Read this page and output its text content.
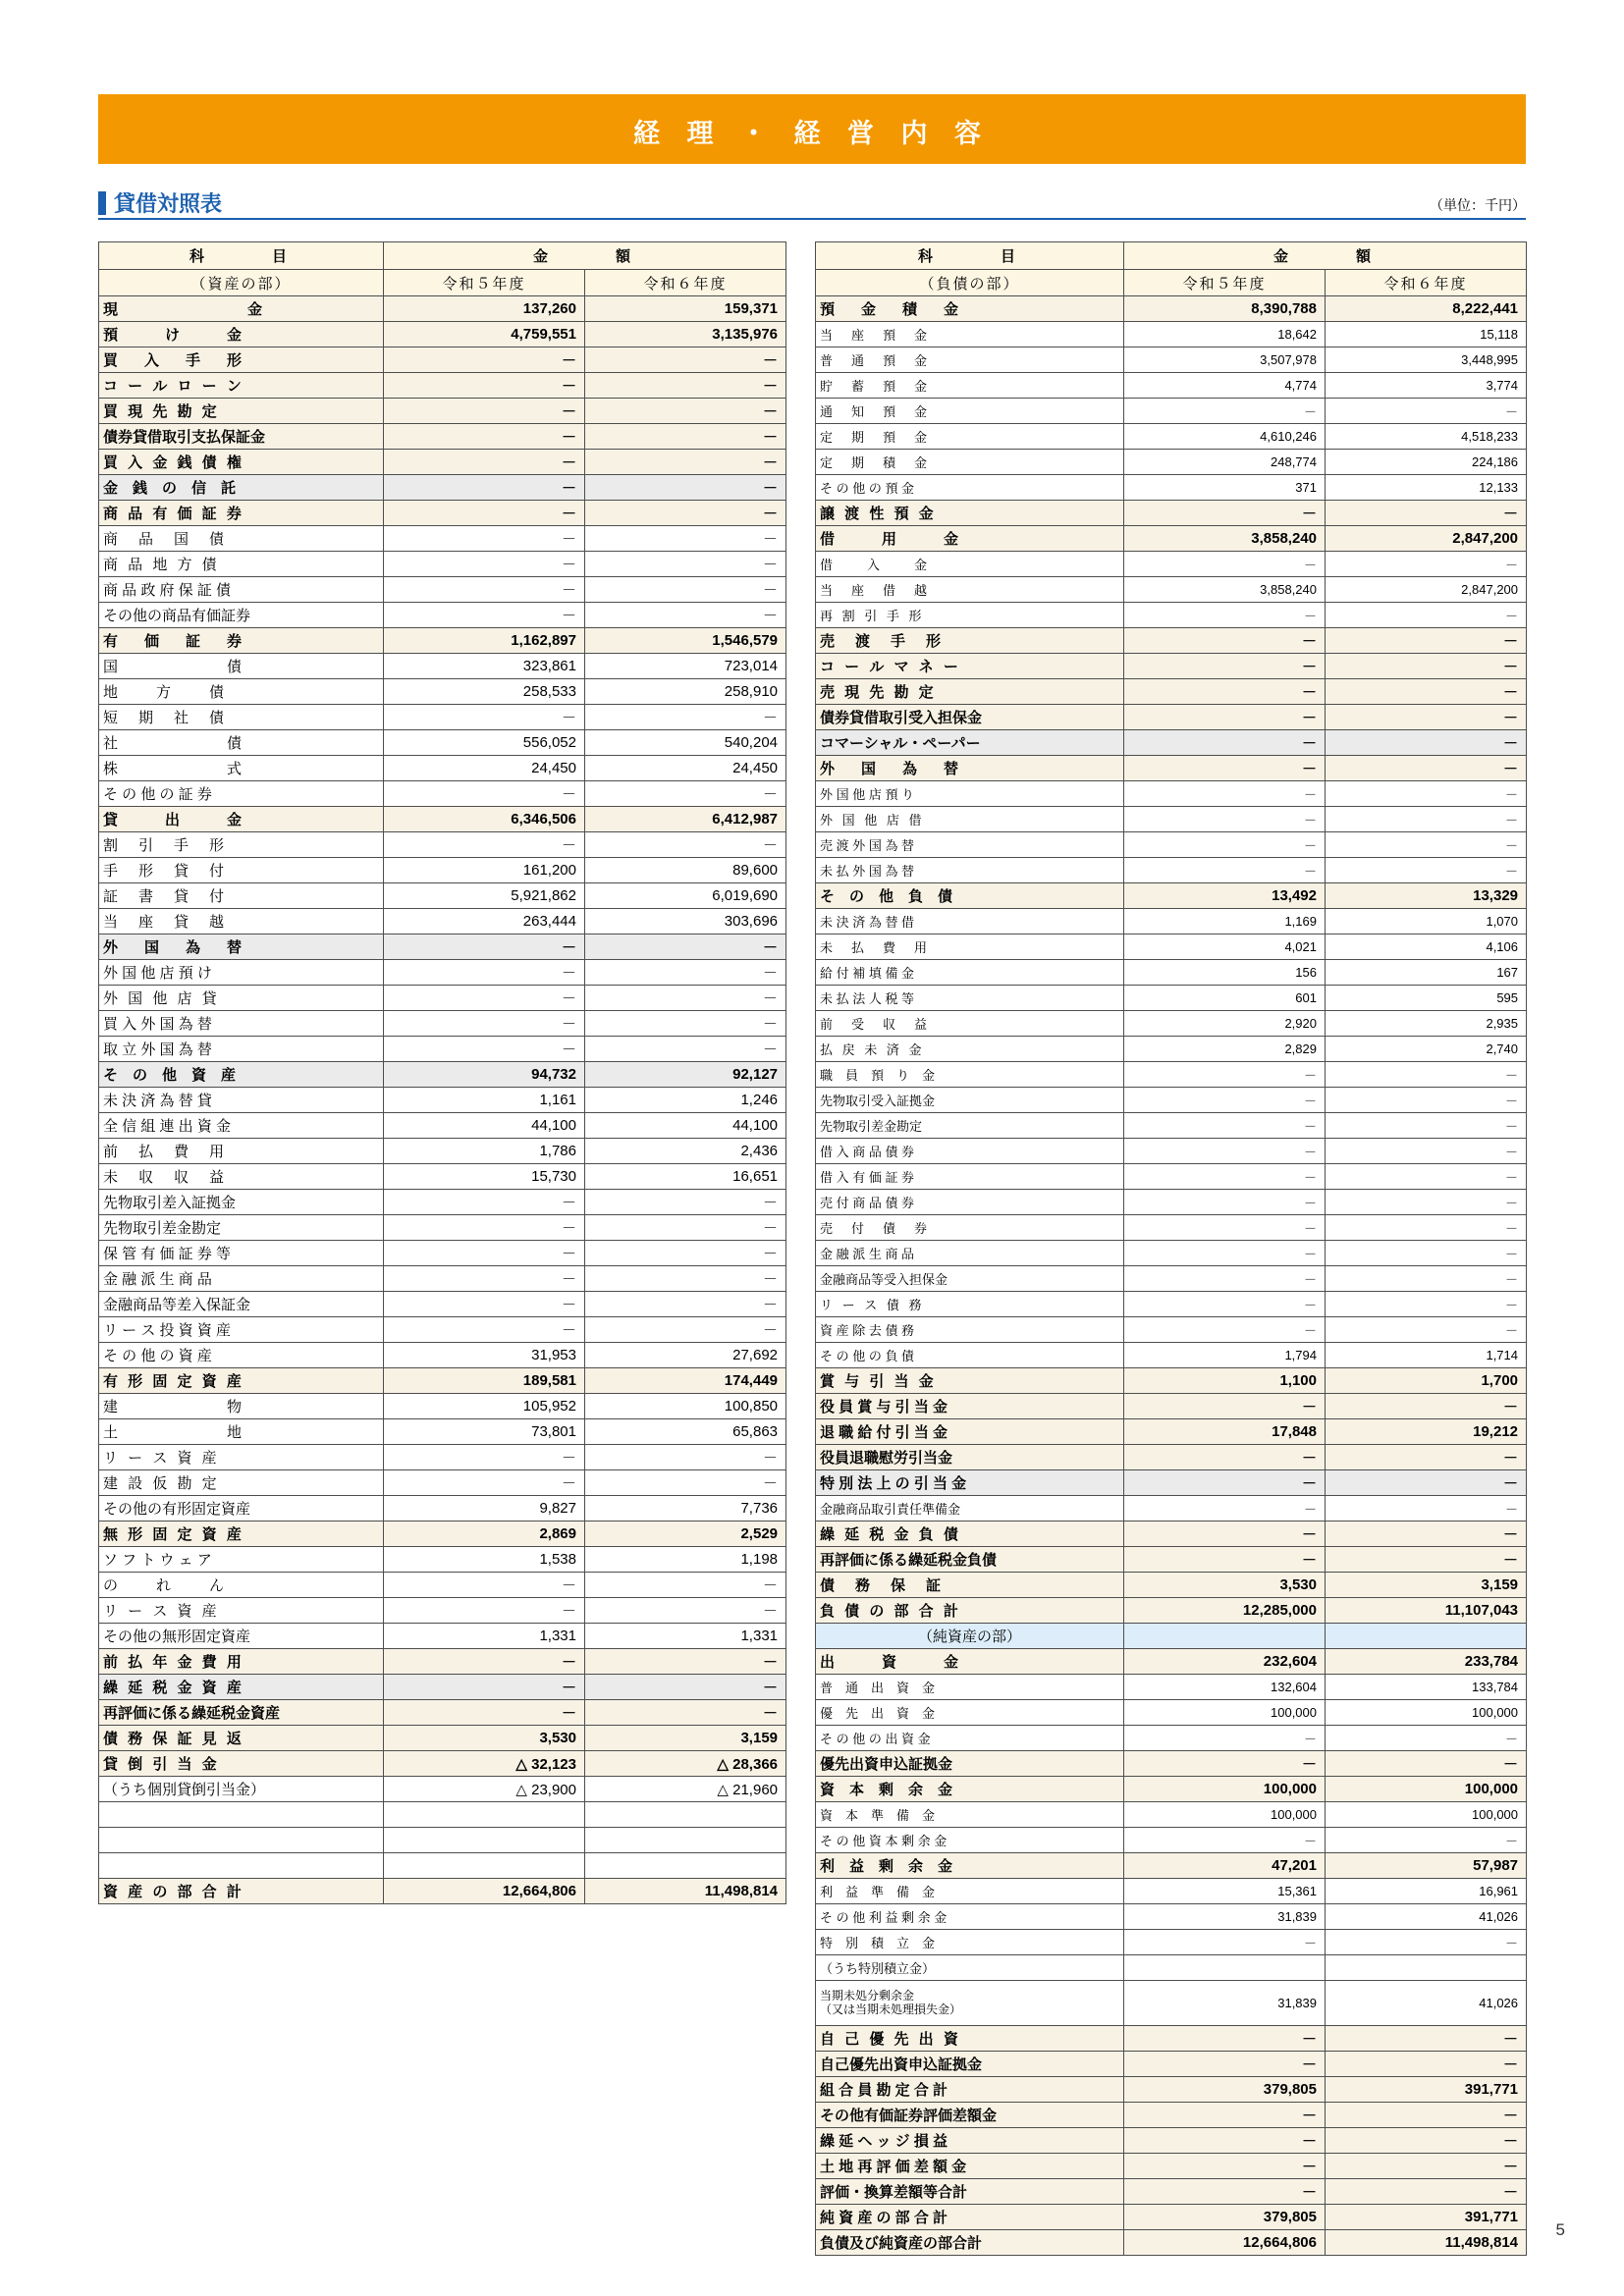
経 理 ・ 経 営 内 容
貸借対照表	（単位：千円）
科　　　目	金　　　額	
（資産の部）	令和５年度	令和６年度
現　　　　　　金	137,260	159,371
預　　け　　金	4,759,551	3,135,976
買　入　手　形	－	－
コ ー ル ロ ー ン	－	－
買 現 先 勘 定	－	－
債券貸借取引支払保証金	－	－
買 入 金 銭 債 権	－	－
金　銭　の　信　託	－	－
商 品 有 価 証 券	－	－
商　品　国　債	－	－
商 品 地 方 債	－	－
商 品 政 府 保 証 債	－	－
その他の商品有価証券	－	－
有　価　証　券	1,162,897	1,546,579
国　　　　　　債	323,861	723,014
地　　方　　債	258,533	258,910
短　期　社　債	－	－
社　　　　　　債	556,052	540,204
株　　　　　　式	24,450	24,450
そ の 他 の 証 券	－	－
貸　　出　　金	6,346,506	6,412,987
割　引　手　形	－	－
手　形　貸　付	161,200	89,600
証　書　貸　付	5,921,862	6,019,690
当　座　貸　越	263,444	303,696
外　国　為　替	－	－
外 国 他 店 預 け	－	－
外 国 他 店 貸	－	－
買 入 外 国 為 替	－	－
取 立 外 国 為 替	－	－
そ　の　他　資　産	94,732	92,127
未 決 済 為 替 貸	1,161	1,246
全 信 組 連 出 資 金	44,100	44,100
前　払　費　用	1,786	2,436
未　収　収　益	15,730	16,651
先物取引差入証拠金	－	－
先物取引差金勘定	－	－
保 管 有 価 証 券 等	－	－
金 融 派 生 商 品	－	－
金融商品等差入保証金	－	－
リ ー ス 投 資 資 産	－	－
そ の 他 の 資 産	31,953	27,692
有 形 固 定 資 産	189,581	174,449
建　　　　　　物	105,952	100,850
土　　　　　　地	73,801	65,863
リ ー ス 資 産	－	－
建 設 仮 勘 定	－	－
その他の有形固定資産	9,827	7,736
無 形 固 定 資 産	2,869	2,529
ソ フ ト ウ ェ ア	1,538	1,198
の　　れ　　ん	－	－
リ ー ス 資 産	－	－
その他の無形固定資産	1,331	1,331
前 払 年 金 費 用	－	－
繰 延 税 金 資 産	－	－
再評価に係る繰延税金資産	－	－
債 務 保 証 見 返	3,530	3,159
貸 倒 引 当 金	△ 32,123	△ 28,366
（うち個別貸倒引当金）	△ 23,900	△ 21,960

資 産 の 部 合 計	12,664,806	11,498,814
科　　　目	金　　　額	
（負債の部）	令和５年度	令和６年度
預　金　積　金	8,390,788	8,222,441
当　座　預　金	18,642	15,118
普　通　預　金	3,507,978	3,448,995
貯　蓄　預　金	4,774	3,774
通　知　預　金	－	－
定　期　預　金	4,610,246	4,518,233
定　期　積　金	248,774	224,186
そ の 他 の 預 金	371	12,133
譲 渡 性 預 金	－	－
借　　用　　金	3,858,240	2,847,200
借　　入　　金	－	－
当　座　借　越	3,858,240	2,847,200
再 割 引 手 形	－	－
売　渡　手　形	－	－
コ ー ル マ ネ ー	－	－
売 現 先 勘 定	－	－
債券貸借取引受入担保金	－	－
コマーシャル・ペーパー	－	－
外　国　為　替	－	－
外 国 他 店 預 り	－	－
外 国 他 店 借	－	－
売 渡 外 国 為 替	－	－
未 払 外 国 為 替	－	－
そ　の　他　負　債	13,492	13,329
未 決 済 為 替 借	1,169	1,070
未　払　費　用	4,021	4,106
給 付 補 填 備 金	156	167
未 払 法 人 税 等	601	595
前　受　収　益	2,920	2,935
払 戻 未 済 金	2,829	2,740
職　員　預　り　金	－	－
先物取引受入証拠金	－	－
先物取引差金勘定	－	－
借 入 商 品 債 券	－	－
借 入 有 価 証 券	－	－
売 付 商 品 債 券	－	－
売　付　債　券	－	－
金 融 派 生 商 品	－	－
金融商品等受入担保金	－	－
リ ー ス 債 務	－	－
資 産 除 去 債 務	－	－
そ の 他 の 負 債	1,794	1,714
賞 与 引 当 金	1,100	1,700
役 員 賞 与 引 当 金	－	－
退 職 給 付 引 当 金	17,848	19,212
役員退職慰労引当金	－	－
特 別 法 上 の 引 当 金	－	－
金融商品取引責任準備金	－	－
繰 延 税 金 負 債	－	－
再評価に係る繰延税金負債	－	－
債　務　保　証	3,530	3,159
負 債 の 部 合 計	12,285,000	11,107,043
（純資産の部）		
出　　資　　金	232,604	233,784
普　通　出　資　金	132,604	133,784
優　先　出　資　金	100,000	100,000
そ の 他 の 出 資 金	－	－
優先出資申込証拠金	－	－
資　本　剰　余　金	100,000	100,000
資　本　準　備　金	100,000	100,000
そ の 他 資 本 剰 余 金	－	－
利　益　剰　余　金	47,201	57,987
利　益　準　備　金	15,361	16,961
そ の 他 利 益 剰 余 金	31,839	41,026
特　別　積　立　金	－	－
（うち特別積立金）		

当期未処分剰余金
（又は当期未処理損失金）	31,839	41,026
自 己 優 先 出 資	－	－
自己優先出資申込証拠金	－	－
組 合 員 勘 定 合 計	379,805	391,771
その他有価証券評価差額金	－	－
繰 延 ヘ ッ ジ 損 益	－	－
土 地 再 評 価 差 額 金	－	－
評価・換算差額等合計	－	－
純 資 産 の 部 合 計	379,805	391,771
負債及び純資産の部合計	12,664,806	11,498,814
5
